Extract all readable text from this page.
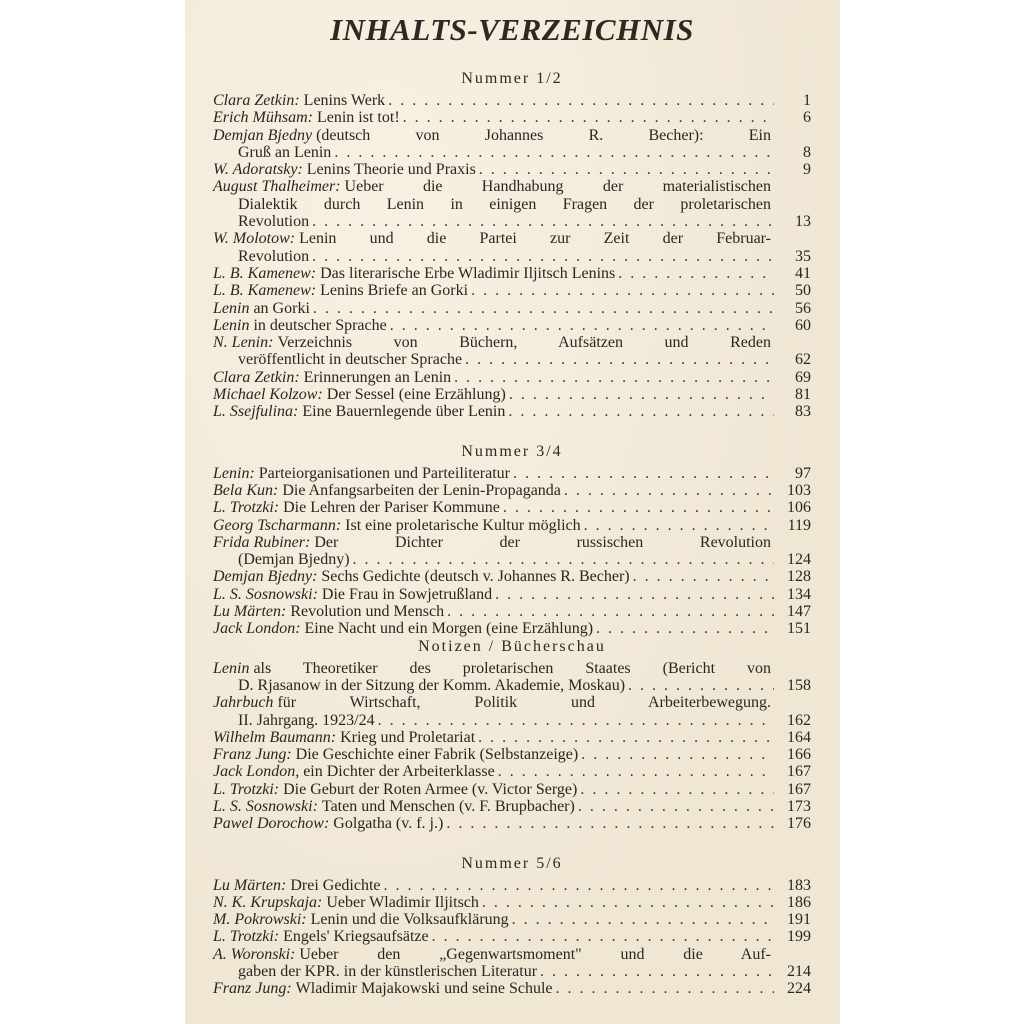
INHALTS-VERZEICHNIS
Nummer 1/2
Clara Zetkin:
Lenins Werk . . .	1
Erich Mühsam:
Lenin ist tot! . . .	6
Demjan Bjedny
(deutsch von Johannes R. Becher): Ein
Gruß an Lenin . . .	8
W. Adoratsky:
Lenins Theorie und Praxis . . .	9
August Thalheimer:
Ueber die Handhabung der materialistischen
Dialektik durch Lenin in einigen Fragen der proletarischen
Revolution . . .	13
W. Molotow:
Lenin und die Partei zur Zeit der Februar-
Revolution . . .	35
L. B. Kamenew:
Das literarische Erbe Wladimir Iljitsch Lenins . . .	41
L. B. Kamenew:
Lenins Briefe an Gorki . . .	50
Lenin
an Gorki . . .	56
Lenin
in deutscher Sprache . . .	60
N. Lenin:
Verzeichnis von Büchern, Aufsätzen und Reden
veröffentlicht in deutscher Sprache . . .	62
Clara Zetkin:
Erinnerungen an Lenin . . .	69
Michael Kolzow:
Der Sessel (eine Erzählung) . . .	81
L. Ssejfulina:
Eine Bauernlegende über Lenin . . .	83
Nummer 3/4
Lenin:
Parteiorganisationen und Parteiliteratur . . .	97
Bela Kun:
Die Anfangsarbeiten der Lenin-Propaganda . . .	103
L. Trotzki:
Die Lehren der Pariser Kommune . . .	106
Georg Tscharmann:
Ist eine proletarische Kultur möglich . . .	119
Frida Rubiner:
Der Dichter der russischen Revolution
(Demjan Bjedny) . . .	124
Demjan Bjedny:
Sechs Gedichte (deutsch v. Johannes R. Becher) . . .	128
L. S. Sosnowski:
Die Frau in Sowjetrußland . . .	134
Lu Märten:
Revolution und Mensch . . .	147
Jack London:
Eine Nacht und ein Morgen (eine Erzählung) . . .	151
Notizen / Bücherschau
Lenin
als Theoretiker des proletarischen Staates (Bericht von
D. Rjasanow in der Sitzung der Komm. Akademie, Moskau) . . .	158
Jahrbuch
für Wirtschaft, Politik und Arbeiterbewegung.
II. Jahrgang. 1923/24 . . .	162
Wilhelm Baumann:
Krieg und Proletariat . . .	164
Franz Jung:
Die Geschichte einer Fabrik (Selbstanzeige) . . .	166
Jack London,
ein Dichter der Arbeiterklasse . . .	167
L. Trotzki:
Die Geburt der Roten Armee (v. Victor Serge) . . .	167
L. S. Sosnowski:
Taten und Menschen (v. F. Brupbacher) . . .	173
Pawel Dorochow:
Golgatha (v. f. j.) . . .	176
Nummer 5/6
Lu Märten:
Drei Gedichte . . .	183
N. K. Krupskaja:
Ueber Wladimir Iljitsch . . .	186
M. Pokrowski:
Lenin und die Volksaufklärung . . .	191
L. Trotzki:
Engels' Kriegsaufsätze . . .	199
A. Woronski:
Ueber den „Gegenwartsmoment" und die Auf-
gaben der KPR. in der künstlerischen Literatur . . .	214
Franz Jung:
Wladimir Majakowski und seine Schule . . .	224
